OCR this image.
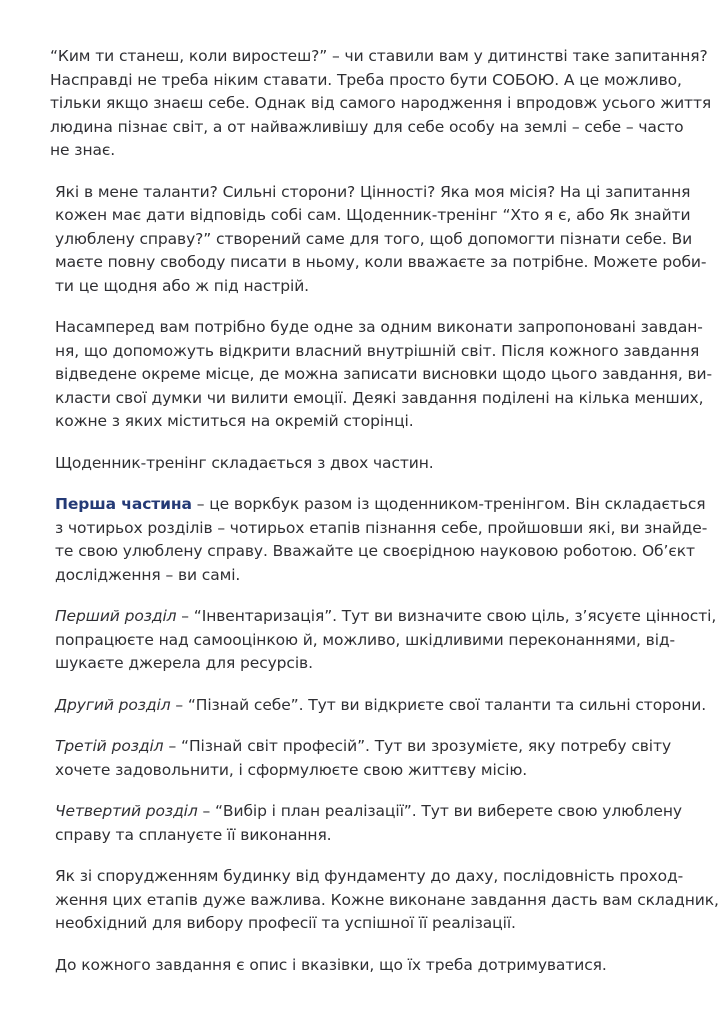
“Ким ти станеш, коли виростеш?” – чи ставили вам у дитинстві таке запитання?
Насправді не треба ніким ставати. Треба просто бути СОБОЮ. А це можливо,
тільки якщо знаєш себе. Однак від самого народження і впродовж усього життя
людина пізнає світ, а от найважливішу для себе особу на землі – себе – часто
не знає.

Які в мене таланти? Сильні сторони? Цінності? Яка моя місія? На ці запитання
кожен має дати відповідь собі сам. Щоденник-тренінг “Хто я є, або Як знайти
улюблену справу?” створений саме для того, щоб допомогти пізнати себе. Ви
маєте повну свободу писати в ньому, коли вважаєте за потрібне. Можете роби-
ти це щодня або ж під настрій.

Насамперед вам потрібно буде одне за одним виконати запропоновані завдан-
ня, що допоможуть відкрити власний внутрішній світ. Після кожного завдання
відведене окреме місце, де можна записати висновки щодо цього завдання, ви-
класти свої думки чи вилити емоції. Деякі завдання поділені на кілька менших,
кожне з яких міститься на окремій сторінці.

Щоденник-тренінг складається з двох частин.

Перша частина – це воркбук разом із щоденником-тренінгом. Він складається
з чотирьох розділів – чотирьох етапів пізнання себе, пройшовши які, ви знайде-
те свою улюблену справу. Вважайте це своєрідною науковою роботою. Об’єкт
дослідження – ви самі.

Перший розділ – “Інвентаризація”. Тут ви визначите свою ціль, з’ясуєте цінності,
попрацюєте над самооцінкою й, можливо, шкідливими переконаннями, від-
шукаєте джерела для ресурсів.

Другий розділ – “Пізнай себе”. Тут ви відкриєте свої таланти та сильні сторони.

Третій розділ – “Пізнай світ професій”. Тут ви зрозумієте, яку потребу світу
хочете задовольнити, і сформулюєте свою життєву місію.

Четвертий розділ – “Вибір і план реалізації”. Тут ви виберете свою улюблену
справу та сплануєте її виконання.

Як зі спорудженням будинку від фундаменту до даху, послідовність проход-
ження цих етапів дуже важлива. Кожне виконане завдання дасть вам складник,
необхідний для вибору професії та успішної її реалізації.

До кожного завдання є опис і вказівки, що їх треба дотримуватися.
